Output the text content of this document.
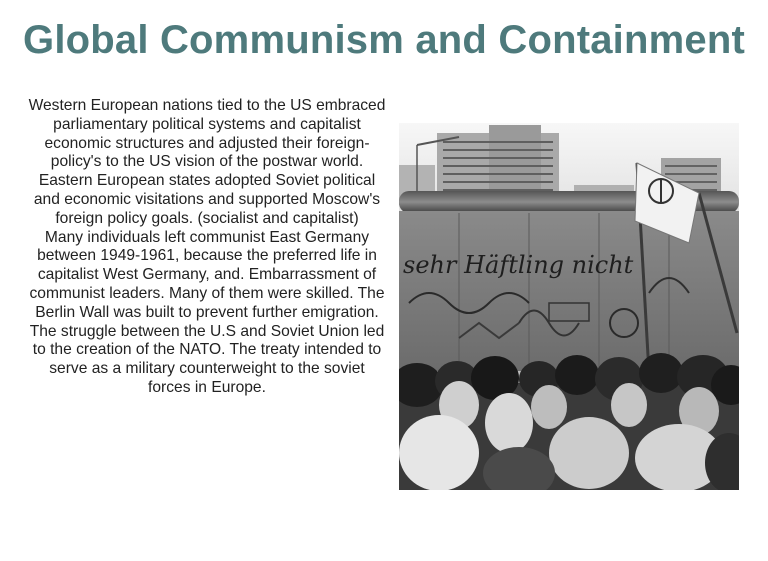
Global Communism and Containment

Western European nations tied to the US embraced parliamentary political systems and capitalist economic structures and adjusted their foreign-policy's to the US vision of the postwar world. Eastern European states adopted Soviet political and economic visitations and supported Moscow's foreign policy goals. (socialist and capitalist)

Many individuals left communist East Germany between 1949-1961, because the preferred life in capitalist West Germany, and. Embarrassment of communist leaders. Many of them were skilled. The Berlin Wall was built to prevent further emigration.

The struggle between the U.S and Soviet Union led to the creation of the NATO. The treaty intended to serve as a military counterweight to the soviet forces in Europe.

sehr Häftling nicht
